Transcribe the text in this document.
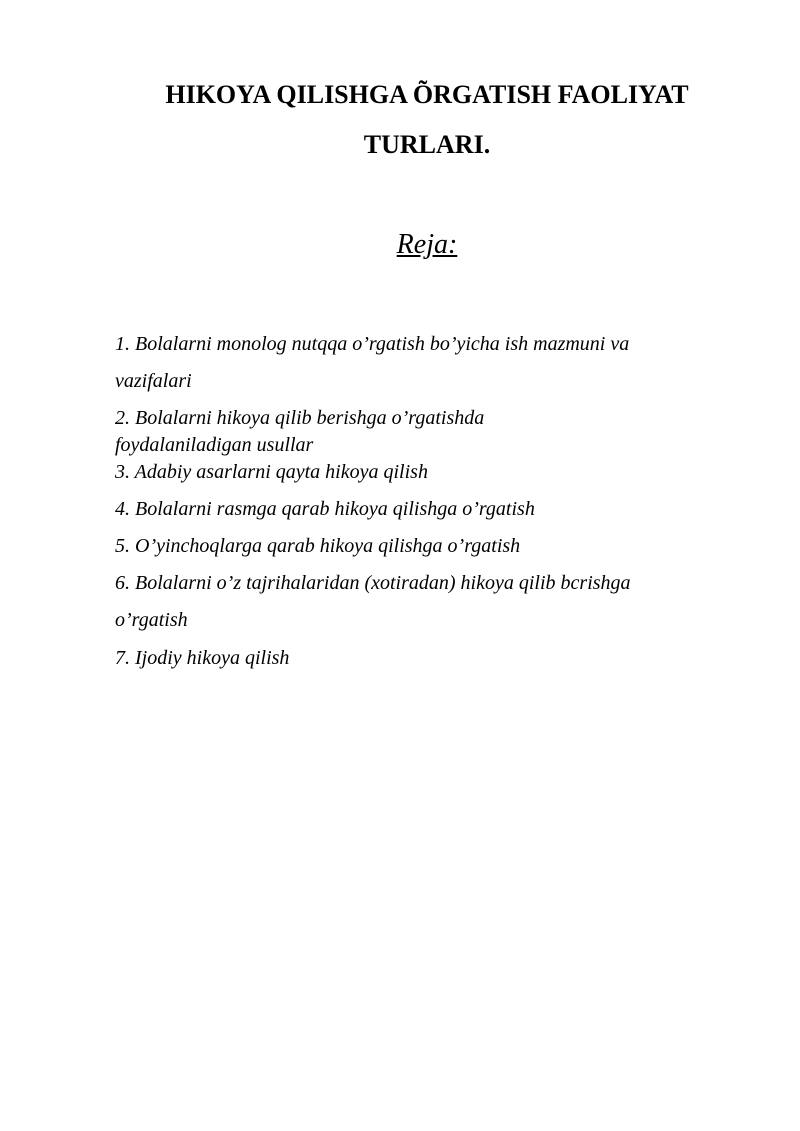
HIKOYA QILISHGA ÕRGATISH FAOLIYAT
TURLARI.
Reja:
1. Bolalarni monolog nutqqa o’rgatish bo’yicha ish mazmuni va
vazifalari
2. Bolalarni hikoya qilib berishga o’rgatishda
foydalaniladigan usullar
3. Adabiy asarlarni qayta hikoya qilish
4. Bolalarni rasmga qarab hikoya qilishga o’rgatish
5. O’yinchoqlarga qarab hikoya qilishga o’rgatish
6. Bolalarni o’z tajrihalaridan (xotiradan) hikoya qilib bcrishga
o’rgatish
7. Ijodiy hikoya qilish
